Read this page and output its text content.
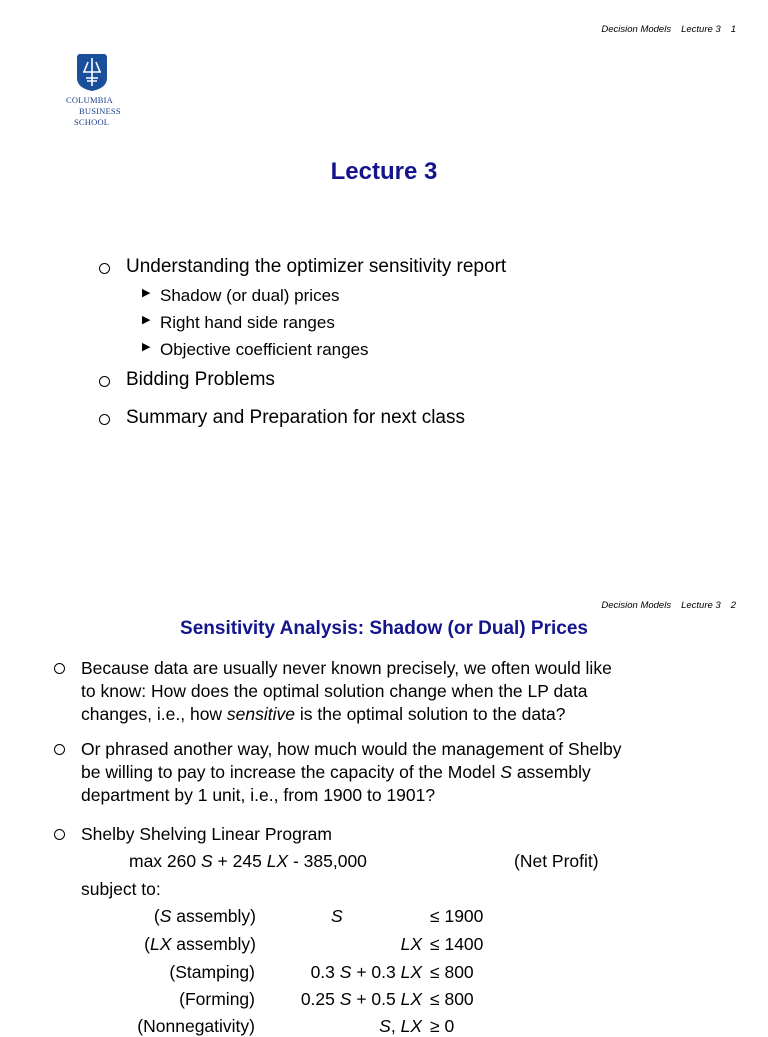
Decision Models Lecture 3 1
COLUMBIA
BUSINESS
SCHOOL
Lecture 3
Understanding the optimizer sensitivity report
▶ Shadow (or dual) prices
▶ Right hand side ranges
▶ Objective coefficient ranges
Bidding Problems
Summary and Preparation for next class
Decision Models Lecture 3 2
Sensitivity Analysis: Shadow (or Dual) Prices
Because data are usually never known precisely, we often would like
to know: How does the optimal solution change when the LP data
changes, i.e., how sensitive is the optimal solution to the data?
Or phrased another way, how much would the management of Shelby
be willing to pay to increase the capacity of the Model S assembly
department by 1 unit, i.e., from 1900 to 1901?
Shelby Shelving Linear Program
max 260 S + 245 LX - 385,000	(Net Profit)
subject to:
(S assembly)	S	≤ 1900
(LX assembly)	LX ≤ 1400
(Stamping)	0.3 S + 0.3 LX ≤ 800
(Forming)	0.25 S + 0.5 LX ≤ 800
(Nonnegativity)	S, LX ≥ 0
